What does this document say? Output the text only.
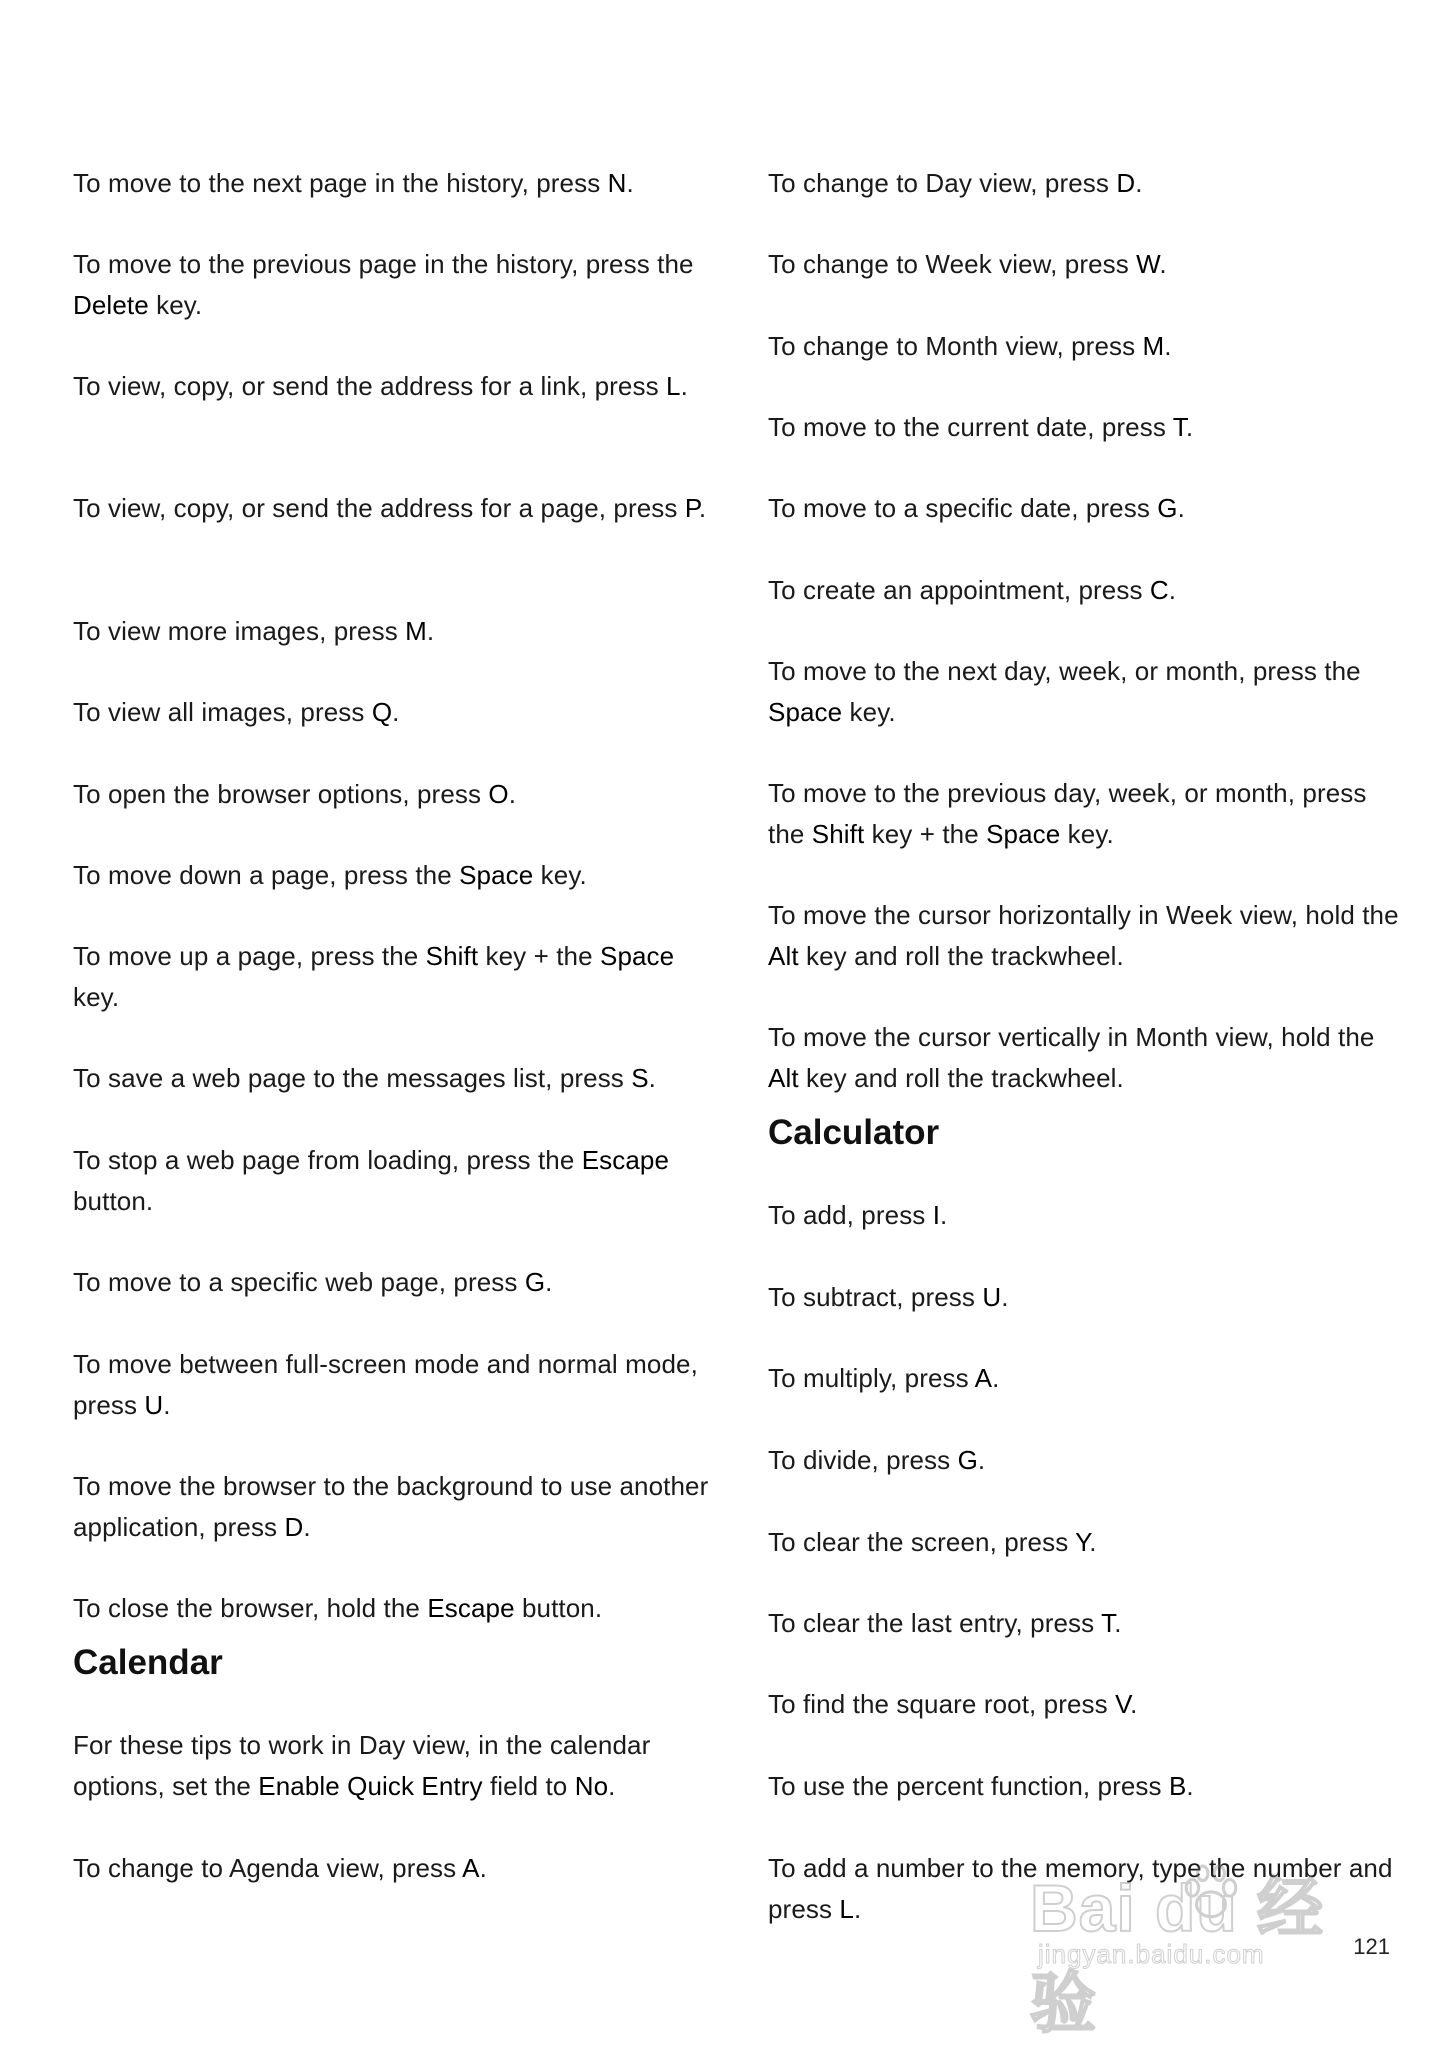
To move to the next page in the history, press N.

To move to the previous page in the history, press the Delete key.

To view, copy, or send the address for a link, press L.

To view, copy, or send the address for a page, press P.

To view more images, press M.

To view all images, press Q.

To open the browser options, press O.

To move down a page, press the Space key.

To move up a page, press the Shift key + the Space key.

To save a web page to the messages list, press S.

To stop a web page from loading, press the Escape button.

To move to a specific web page, press G.

To move between full-screen mode and normal mode, press U.

To move the browser to the background to use another application, press D.

To close the browser, hold the Escape button.

Calendar

For these tips to work in Day view, in the calendar options, set the Enable Quick Entry field to No.

To change to Agenda view, press A.

To change to Day view, press D.

To change to Week view, press W.

To change to Month view, press M.

To move to the current date, press T.

To move to a specific date, press G.

To create an appointment, press C.

To move to the next day, week, or month, press the Space key.

To move to the previous day, week, or month, press the Shift key + the Space key.

To move the cursor horizontally in Week view, hold the Alt key and roll the trackwheel.

To move the cursor vertically in Month view, hold the Alt key and roll the trackwheel.

Calculator

To add, press I.

To subtract, press U.

To multiply, press A.

To divide, press G.

To clear the screen, press Y.

To clear the last entry, press T.

To find the square root, press V.

To use the percent function, press B.

To add a number to the memory, type the number and press L.	Bai du 经验
jingyan.baidu.com	121
